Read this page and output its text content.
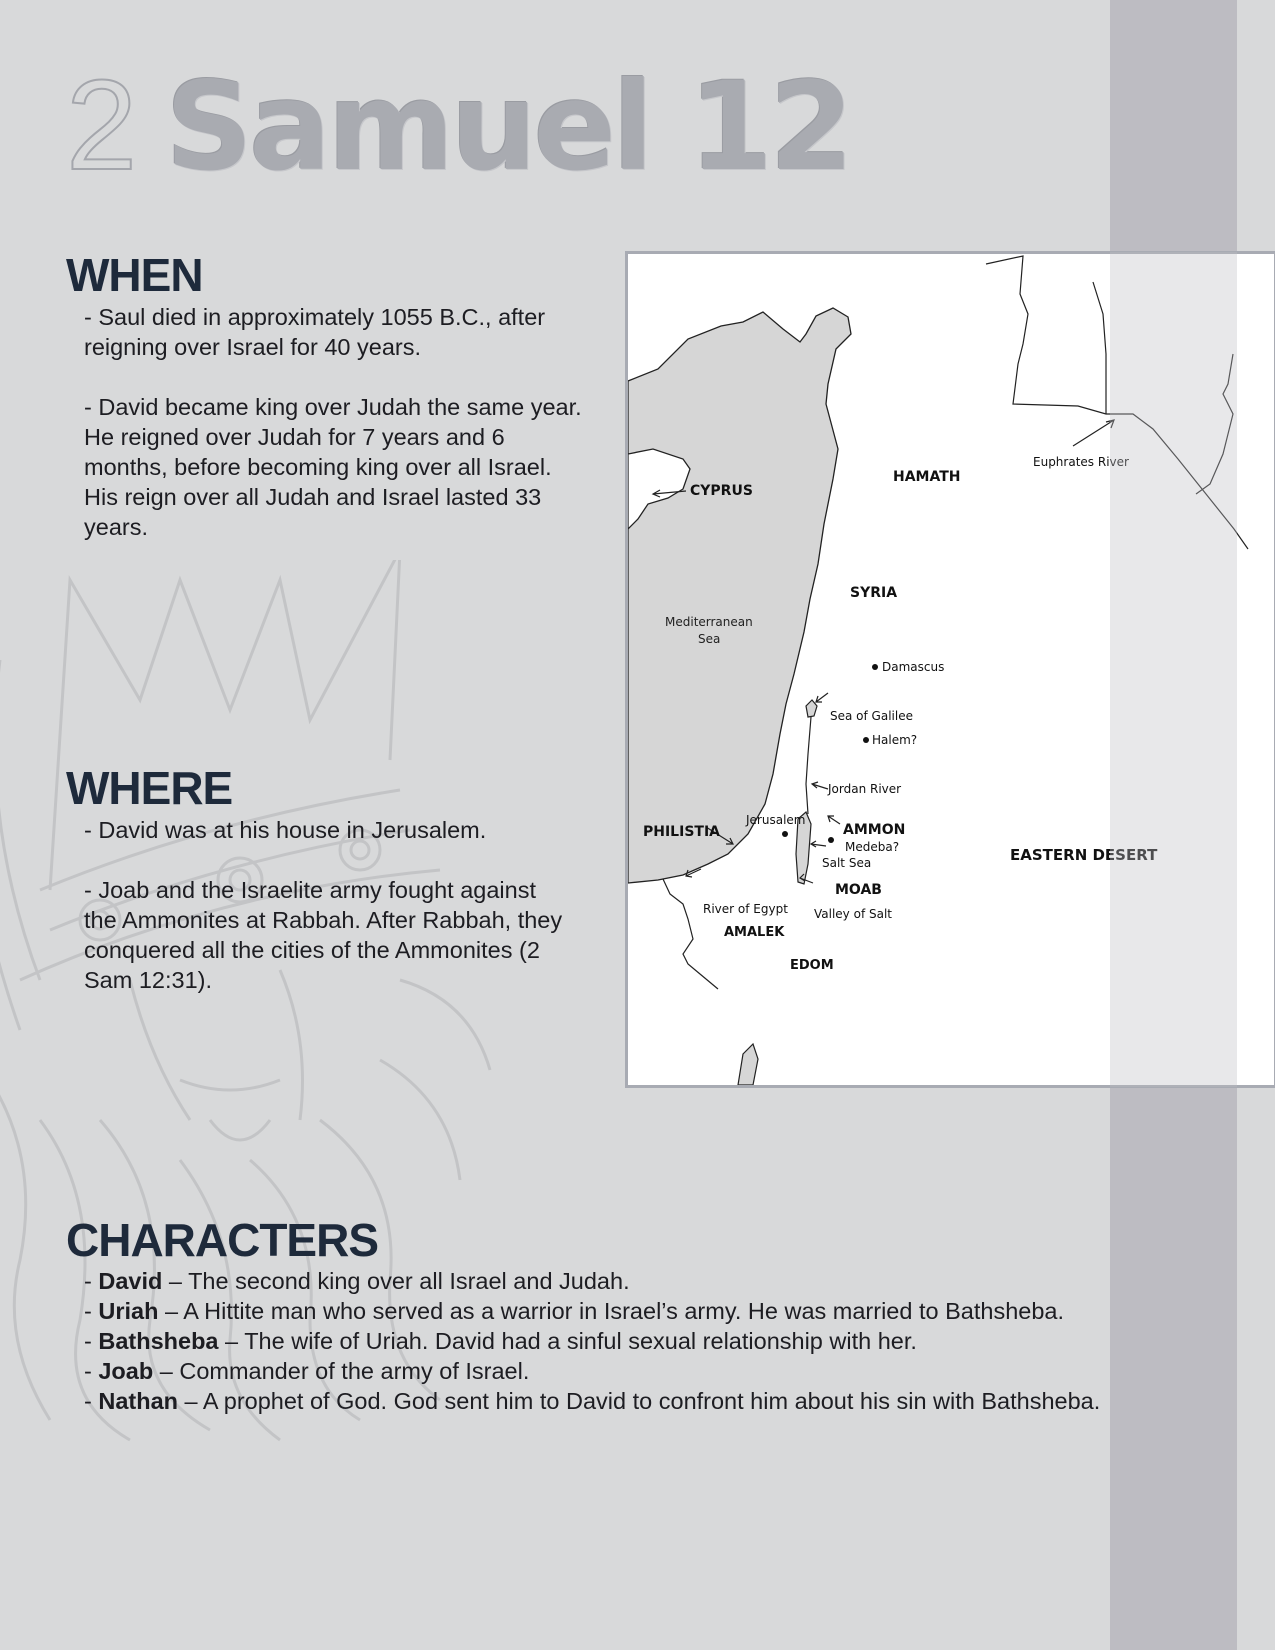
2 Samuel 12
WHEN
- Saul died in approximately 1055 B.C., after
reigning over Israel for 40 years.
- David became king over Judah the same year.
He reigned over Judah for 7 years and 6
months, before becoming king over all Israel.
His reign over all Judah and Israel lasted 33
years.
WHERE
- David was at his house in Jerusalem.
- Joab and the Israelite army fought against
the Ammonites at Rabbah. After Rabbah, they
conquered all the cities of the Ammonites (2
Sam 12:31).
CYPRUS
HAMATH
SYRIA
PHILISTIA	AMMON
MOAB
AMALEK
EDOM
EASTERN DESERT
Euphrates River
Mediterranean
Sea
Damascus
Sea of Galilee
Halem?
Jordan River
Jerusalem
Medeba?
Salt Sea
River of Egypt Valley of Salt
CHARACTERS
- David – The second king over all Israel and Judah.
- Uriah – A Hittite man who served as a warrior in Israel’s army. He was married to Bathsheba.
- Bathsheba – The wife of Uriah. David had a sinful sexual relationship with her.
- Joab – Commander of the army of Israel.
- Nathan – A prophet of God. God sent him to David to confront him about his sin with Bathsheba.
